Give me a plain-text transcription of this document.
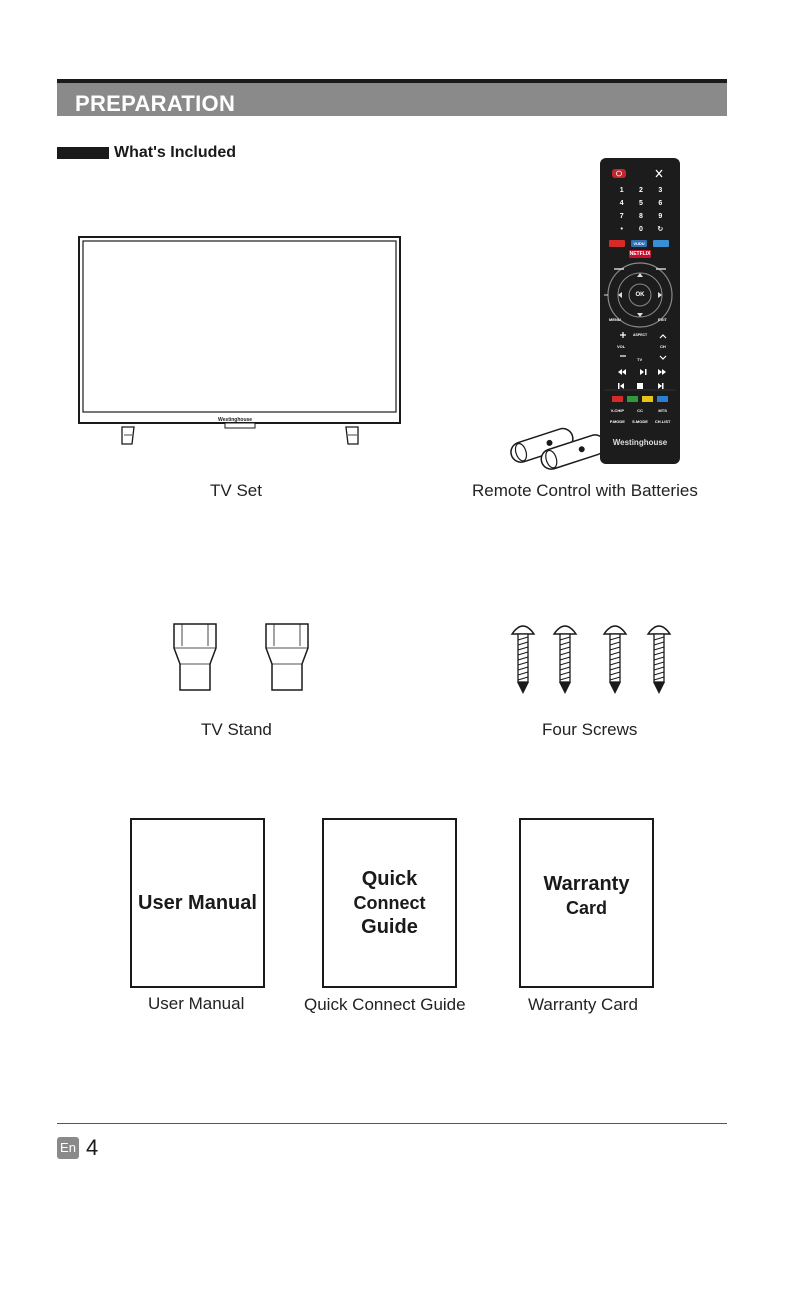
PREPARATION
What's Included
Westinghouse
TV Set
1	2	3
4	5	6
7	8	9
•	0	↻
VUDU
NETFLIX
OK
MENU	EXIT
VOL	CH
ASPECT
TV
V-CHIP	CC	MTS
P.MODE	S.MODE	CH.LIST
Westinghouse
Remote Control with Batteries
TV Stand	Four Screws
User Manual
User Manual
Quick
Connect
Guide
Quick Connect Guide
Warranty
Card
Warranty Card
En 4
